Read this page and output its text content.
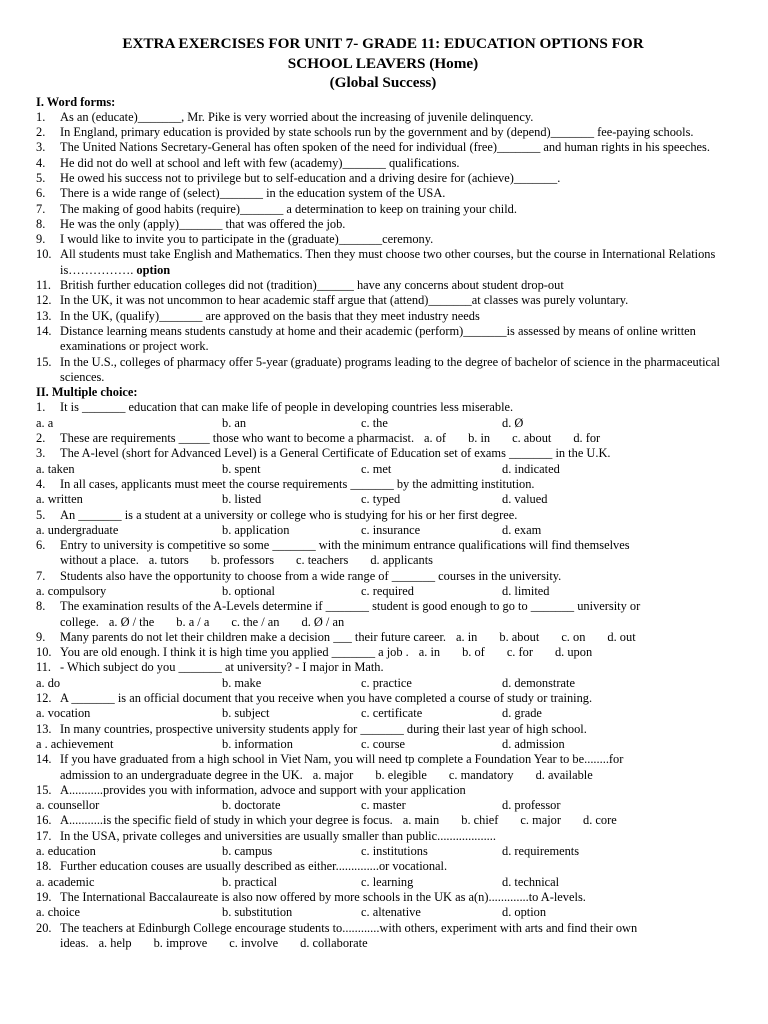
EXTRA EXERCISES FOR UNIT 7- GRADE 11: EDUCATION OPTIONS FOR
SCHOOL LEAVERS (Home)
(Global Success)
I. Word forms:
1. As an (educate)_______, Mr. Pike is very worried about the increasing of juvenile delinquency.
2. In England, primary education is provided by state schools run by the government and by (depend)_______ fee-paying schools.
3. The United Nations Secretary-General has often spoken of the need for individual (free)_______ and human rights in his speeches.
4. He did not do well at school and left with few (academy)_______ qualifications.
5. He owed his success not to privilege but to self-education and a driving desire for (achieve)_______.
6. There is a wide range of (select)_______ in the education system of the USA.
7. The making of good habits (require)_______ a determination to keep on training your child.
8. He was the only (apply)_______ that was offered the job.
9. I would like to invite you to participate in the (graduate)_______ceremony.
10. All students must take English and Mathematics. Then they must choose two other courses, but the course in International Relations is……………. option
11. British further education colleges did not (tradition)______ have any concerns about student drop-out
12. In the UK, it was not uncommon to hear academic staff argue that (attend)_______at classes was purely voluntary.
13. In the UK, (qualify)_______ are approved on the basis that they meet industry needs
14. Distance learning means students canstudy at home and their academic (perform)_______is assessed by means of online written examinations or project work.
15. In the U.S., colleges of pharmacy offer 5-year (graduate) programs leading to the degree of bachelor of science in the pharmaceutical sciences.
II. Multiple choice:
1. It is _______ education that can make life of people in developing countries less miserable.
a. a	b. an	c. the	d. Ø
2. These are requirements _____ those who want to become a pharmacist. a. of b. in c. about d. for
3. The A-level (short for Advanced Level) is a General Certificate of Education set of exams _______ in the U.K.
a. taken	b. spent	c. met	d. indicated
4. In all cases, applicants must meet the course requirements _______ by the admitting institution.
a. written	b. listed	c. typed	d. valued
5. An _______ is a student at a university or college who is studying for his or her first degree.
a. undergraduate	b. application	c. insurance	d. exam
6. Entry to university is competitive so some _______ with the minimum entrance qualifications will find themselves
without a place. a. tutors b. professors c. teachers d. applicants
7. Students also have the opportunity to choose from a wide range of _______ courses in the university.
a. compulsory	b. optional	c. required	d. limited
8. The examination results of the A-Levels determine if _______ student is good enough to go to _______ university or
college. a. Ø / the b. a / a c. the / an d. Ø / an
9. Many parents do not let their children make a decision ___ their future career. a. in b. about c. on d. out
10. You are old enough. I think it is high time you applied _______ a job . a. in b. of c. for d. upon
11. - Which subject do you _______ at university? - I major in Math.
a. do	b. make	c. practice	d. demonstrate
12. A _______ is an official document that you receive when you have completed a course of study or training.
a. vocation	b. subject	c. certificate	d. grade
13. In many countries, prospective university students apply for _______ during their last year of high school.
a . achievement	b. information	c. course	d. admission
14. If you have graduated from a high school in Viet Nam, you will need tp complete a Foundation Year to be........for
admission to an undergraduate degree in the UK. a. major b. elegible c. mandatory d. available
15. A...........provides you with information, advoce and support with your application
a. counsellor	b. doctorate	c. master	d. professor
16. A...........is the specific field of study in which your degree is focus. a. main b. chief c. major d. core
17. In the USA, private colleges and universities are usually smaller than public...................
a. education	b. campus	c. institutions	d. requirements
18. Further education couses are usually described as either..............or vocational.
a. academic	b. practical	c. learning	d. technical
19. The International Baccalaureate is also now offered by more schools in the UK as a(n).............to A-levels.
a. choice	b. substitution	c. altenative	d. option
20. The teachers at Edinburgh College encourage students to............with others, experiment with arts and find their own
ideas. a. help b. improve c. involve d. collaborate
